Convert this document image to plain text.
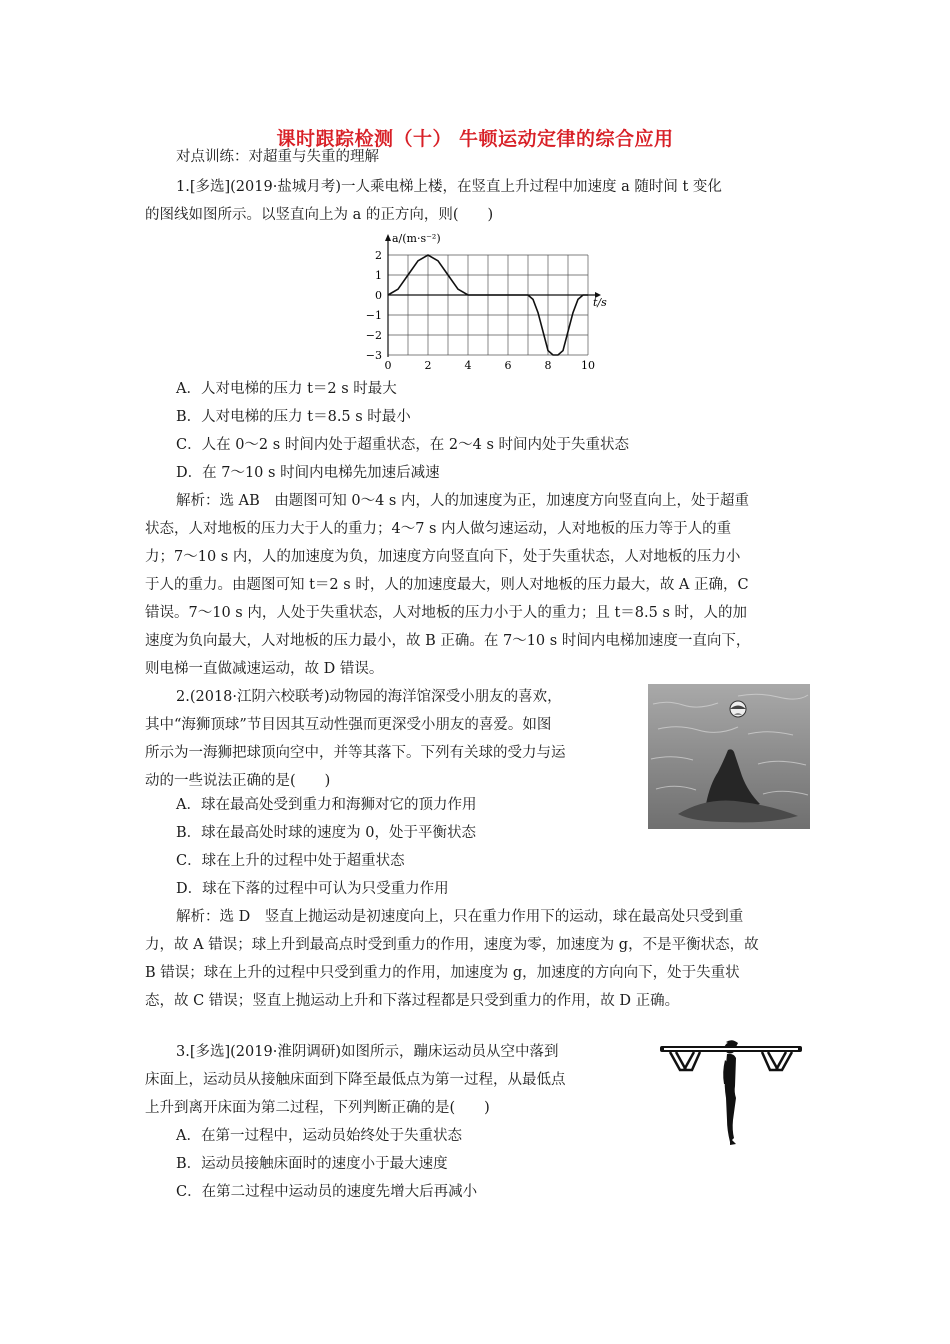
课时跟踪检测（十） 牛顿运动定律的综合应用
对点训练：对超重与失重的理解
1.[多选](2019·盐城月考)一人乘电梯上楼，在竖直上升过程中加速度 a 随时间 t 变化
的图线如图所示。以竖直向上为 a 的正方向，则(　　)
2
1
0
−1
−2
−3
0	2	4	6	8	10
a/(m·s⁻²)
t/s
A．人对电梯的压力 t＝2 s 时最大
B．人对电梯的压力 t＝8.5 s 时最小
C．人在 0～2 s 时间内处于超重状态，在 2～4 s 时间内处于失重状态
D．在 7～10 s 时间内电梯先加速后减速
解析：选 AB　由题图可知 0～4 s 内，人的加速度为正，加速度方向竖直向上，处于超重
状态，人对地板的压力大于人的重力；4～7 s 内人做匀速运动，人对地板的压力等于人的重
力；7～10 s 内，人的加速度为负，加速度方向竖直向下，处于失重状态，人对地板的压力小
于人的重力。由题图可知 t＝2 s 时，人的加速度最大，则人对地板的压力最大，故 A 正确，C
错误。7～10 s 内，人处于失重状态，人对地板的压力小于人的重力；且 t＝8.5 s 时，人的加
速度为负向最大，人对地板的压力最小，故 B 正确。在 7～10 s 时间内电梯加速度一直向下，
则电梯一直做减速运动，故 D 错误。
2.(2018·江阴六校联考)动物园的海洋馆深受小朋友的喜欢，
其中“海狮顶球”节目因其互动性强而更深受小朋友的喜爱。如图
所示为一海狮把球顶向空中，并等其落下。下列有关球的受力与运
动的一些说法正确的是(　　)
A．球在最高处受到重力和海狮对它的顶力作用
B．球在最高处时球的速度为 0，处于平衡状态
C．球在上升的过程中处于超重状态
D．球在下落的过程中可认为只受重力作用
解析：选 D　竖直上抛运动是初速度向上，只在重力作用下的运动，球在最高处只受到重
力，故 A 错误；球上升到最高点时受到重力的作用，速度为零，加速度为 g，不是平衡状态，故
B 错误；球在上升的过程中只受到重力的作用，加速度为 g，加速度的方向向下，处于失重状
态，故 C 错误；竖直上抛运动上升和下落过程都是只受到重力的作用，故 D 正确。
3.[多选](2019·淮阴调研)如图所示，蹦床运动员从空中落到
床面上，运动员从接触床面到下降至最低点为第一过程，从最低点
上升到离开床面为第二过程，下列判断正确的是(　　)
A．在第一过程中，运动员始终处于失重状态
B．运动员接触床面时的速度小于最大速度
C．在第二过程中运动员的速度先增大后再减小
